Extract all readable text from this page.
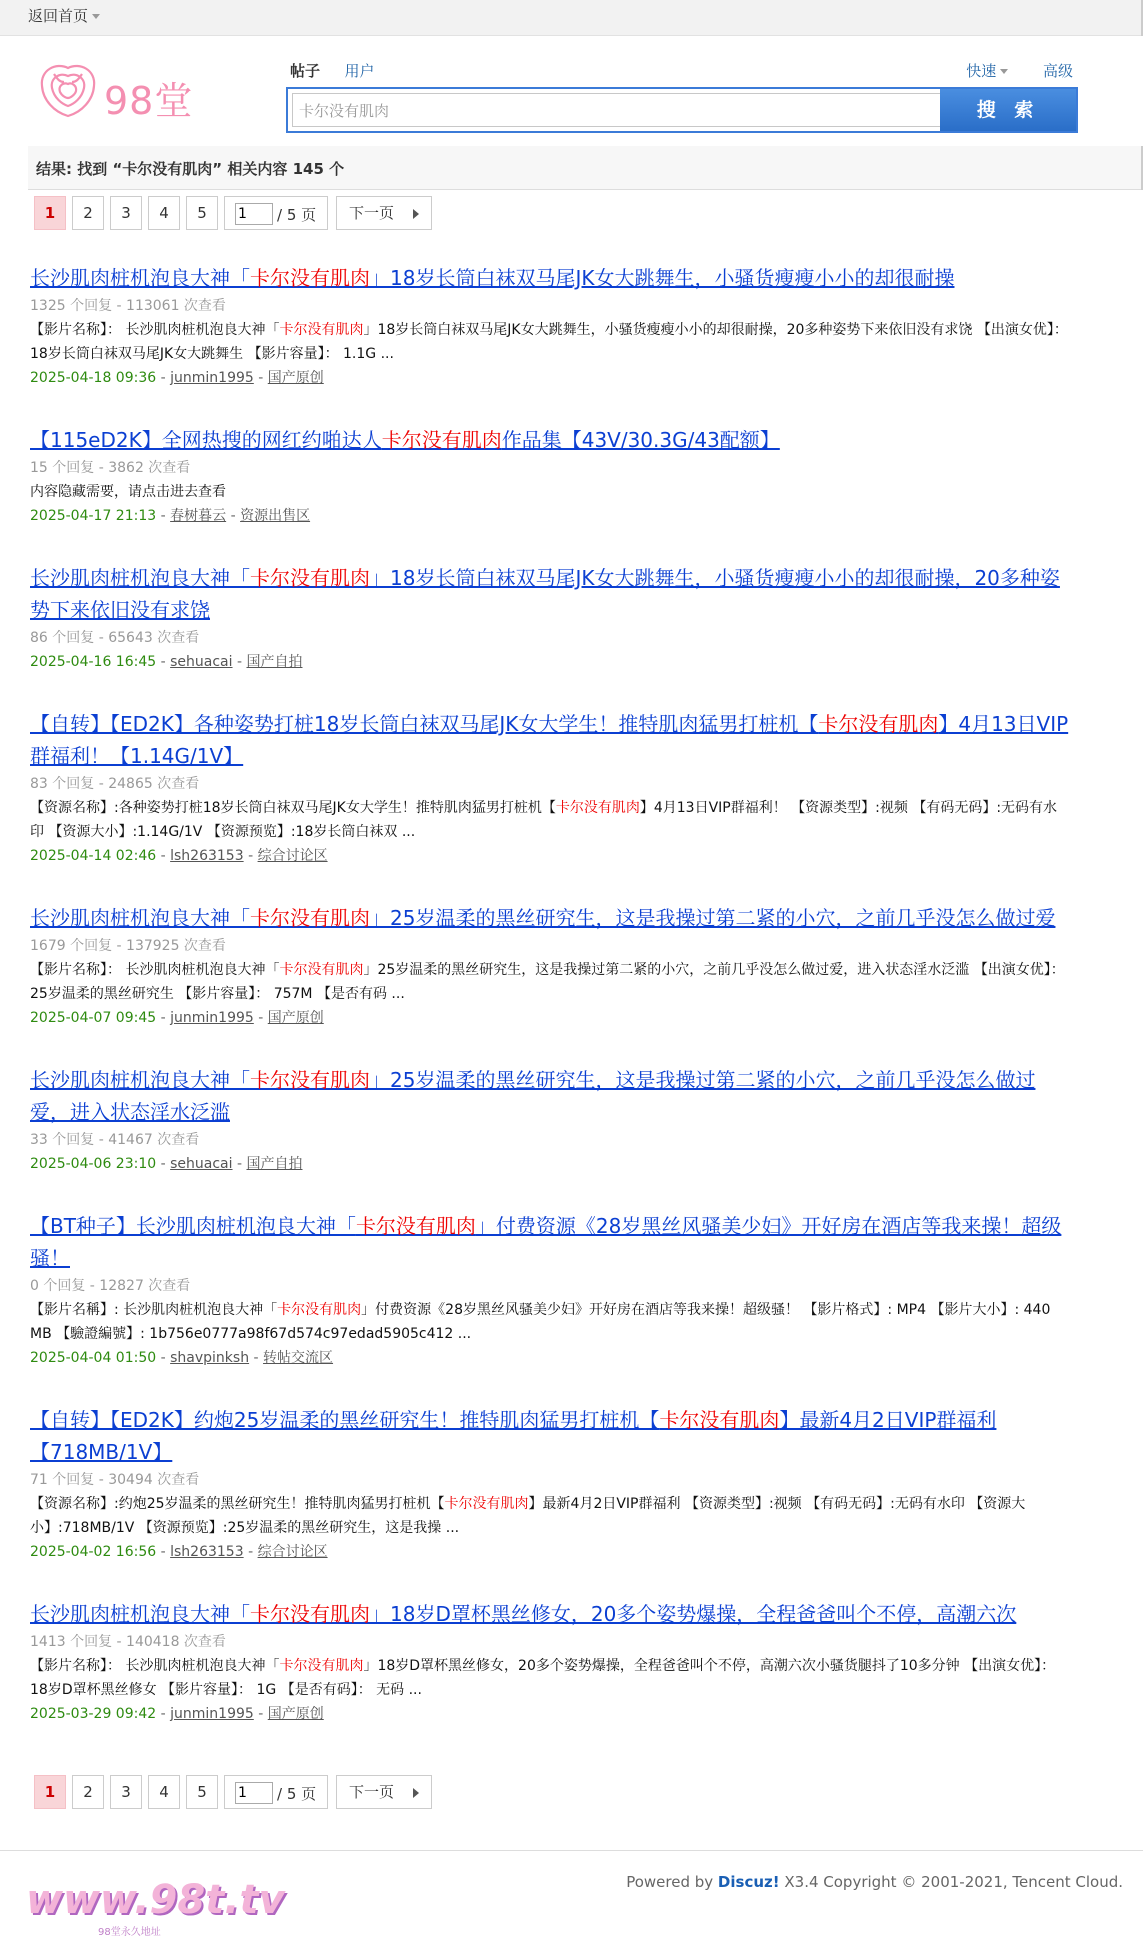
返回首页
98堂
帖子 用户	快速	高级
卡尔没有肌肉
搜 索
结果: 找到 “卡尔没有肌肉” 相关内容 145 个
1	2	3	4	5
1	/ 5 页	下一页
长沙肌肉桩机泡良大神「卡尔没有肌肉」18岁长筒白袜双马尾JK女大跳舞生，小骚货瘦瘦小小的却很耐操
1325 个回复 - 113061 次查看
【影片名称】： 长沙肌肉桩机泡良大神「卡尔没有肌肉」18岁长筒白袜双马尾JK女大跳舞生，小骚货瘦瘦小小的却很耐操，20多种姿势下来依旧没有求饶 【出演女优】： 18岁长筒白袜双马尾JK女大跳舞生 【影片容量】： 1.1G ...
2025-04-18 09:36 - junmin1995 - 国产原创
【115eD2K】全网热搜的网红约啪达人卡尔没有肌肉作品集【43V/30.3G/43配额】
15 个回复 - 3862 次查看
内容隐藏需要，请点击进去查看
2025-04-17 21:13 - 春树暮云 - 资源出售区
长沙肌肉桩机泡良大神「卡尔没有肌肉」18岁长筒白袜双马尾JK女大跳舞生，小骚货瘦瘦小小的却很耐操，20多种姿势下来依旧没有求饶
86 个回复 - 65643 次查看
2025-04-16 16:45 - sehuacai - 国产自拍
【自转】【ED2K】各种姿势打桩18岁长筒白袜双马尾JK女大学生！推特肌肉猛男打桩机【卡尔没有肌肉】4月13日VIP群福利！【1.14G/1V】
83 个回复 - 24865 次查看
【资源名称】:各种姿势打桩18岁长筒白袜双马尾JK女大学生！推特肌肉猛男打桩机【卡尔没有肌肉】4月13日VIP群福利！ 【资源类型】:视频 【有码无码】:无码有水印 【资源大小】:1.14G/1V 【资源预览】:18岁长筒白袜双 ...
2025-04-14 02:46 - lsh263153 - 综合讨论区
长沙肌肉桩机泡良大神「卡尔没有肌肉」25岁温柔的黑丝研究生，这是我操过第二紧的小穴，之前几乎没怎么做过爱
1679 个回复 - 137925 次查看
【影片名称】： 长沙肌肉桩机泡良大神「卡尔没有肌肉」25岁温柔的黑丝研究生，这是我操过第二紧的小穴，之前几乎没怎么做过爱，进入状态淫水泛滥 【出演女优】： 25岁温柔的黑丝研究生 【影片容量】： 757M 【是否有码 ...
2025-04-07 09:45 - junmin1995 - 国产原创
长沙肌肉桩机泡良大神「卡尔没有肌肉」25岁温柔的黑丝研究生，这是我操过第二紧的小穴，之前几乎没怎么做过爱，进入状态淫水泛滥
33 个回复 - 41467 次查看
2025-04-06 23:10 - sehuacai - 国产自拍
【BT种子】长沙肌肉桩机泡良大神「卡尔没有肌肉」付费资源《28岁黑丝风骚美少妇》开好房在酒店等我来操！超级骚！
0 个回复 - 12827 次查看
【影片名稱】: 长沙肌肉桩机泡良大神「卡尔没有肌肉」付费资源《28岁黑丝风骚美少妇》开好房在酒店等我来操！超级骚！ 【影片格式】: MP4 【影片大小】: 440 MB 【驗證編號】: 1b756e0777a98f67d574c97edad5905c412 ...
2025-04-04 01:50 - shavpinksh - 转帖交流区
【自转】【ED2K】约炮25岁温柔的黑丝研究生！推特肌肉猛男打桩机【卡尔没有肌肉】最新4月2日VIP群福利【718MB/1V】
71 个回复 - 30494 次查看
【资源名称】:约炮25岁温柔的黑丝研究生！推特肌肉猛男打桩机【卡尔没有肌肉】最新4月2日VIP群福利 【资源类型】:视频 【有码无码】:无码有水印 【资源大小】:718MB/1V 【资源预览】:25岁温柔的黑丝研究生，这是我操 ...
2025-04-02 16:56 - lsh263153 - 综合讨论区
长沙肌肉桩机泡良大神「卡尔没有肌肉」18岁D罩杯黑丝修女，20多个姿势爆操，全程爸爸叫个不停，高潮六次
1413 个回复 - 140418 次查看
【影片名称】： 长沙肌肉桩机泡良大神「卡尔没有肌肉」18岁D罩杯黑丝修女，20多个姿势爆操，全程爸爸叫个不停，高潮六次小骚货腿抖了10多分钟 【出演女优】： 18岁D罩杯黑丝修女 【影片容量】： 1G 【是否有码】： 无码 ...
2025-03-29 09:42 - junmin1995 - 国产原创
1	2	3	4	5
1	/ 5 页	下一页
www.98t.tv
98堂永久地址
Powered by Discuz! X3.4 Copyright © 2001-2021, Tencent Cloud.
